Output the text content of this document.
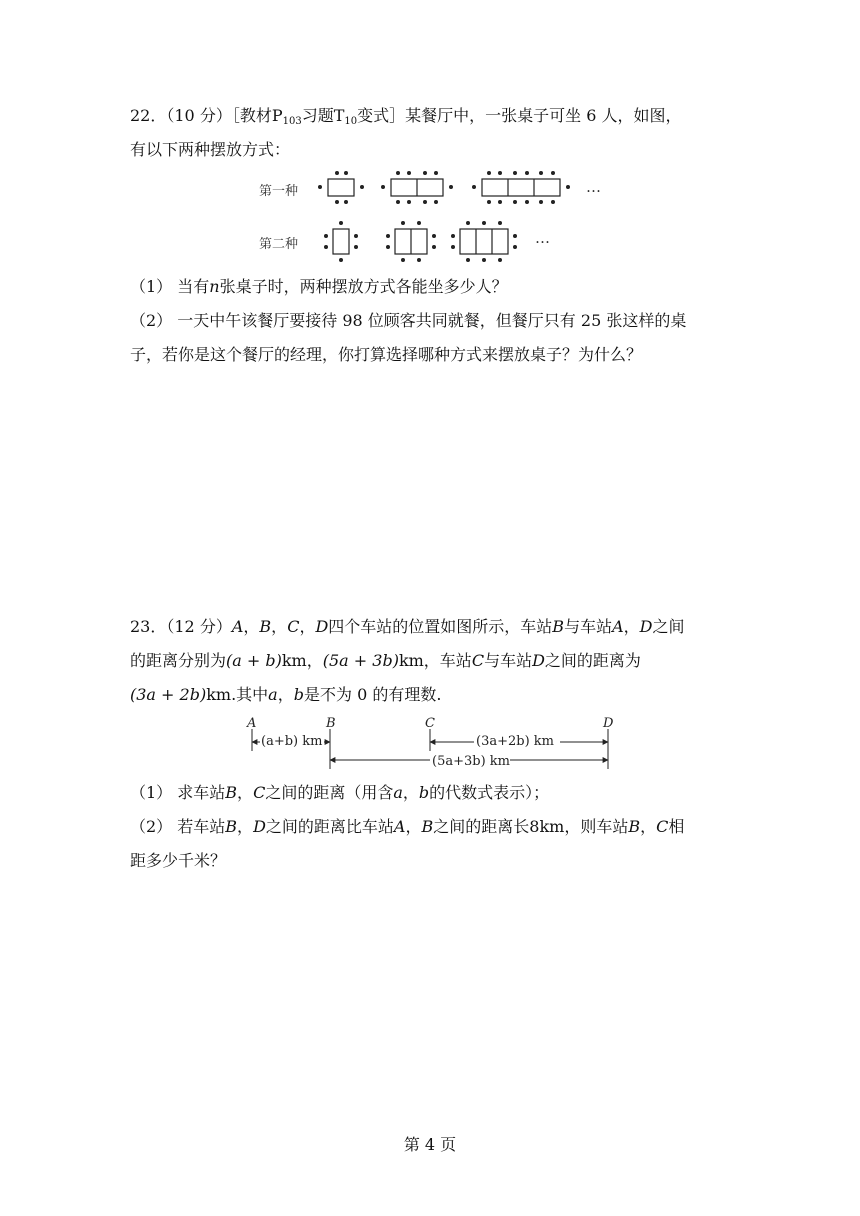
22．（10 分）［教材$P_{103}$习题$T_{10}$变式］某餐厅中，一张桌子可坐 6 人，如图，
有以下两种摆放方式：
第一种
第二种
…
…
（1） 当有n张桌子时，两种摆放方式各能坐多少人？
（2） 一天中午该餐厅要接待 98 位顾客共同就餐，但餐厅只有 25 张这样的桌
子，若你是这个餐厅的经理，你打算选择哪种方式来摆放桌子？为什么？
23．（12 分）A，B，C，D四个车站的位置如图所示，车站B与车站A，D之间
的距离分别为(a + b)km，(5a + 3b)km，车站C与车站D之间的距离为
(3a + 2b)km.其中a，b是不为 0 的有理数.
A	B	C	D
(a+b) km	(3a+2b) km
(5a+3b) km
（1） 求车站B，C之间的距离（用含a，b的代数式表示）；
（2） 若车站B，D之间的距离比车站A，B之间的距离长8km，则车站B，C相
距多少千米？
第 4 页
